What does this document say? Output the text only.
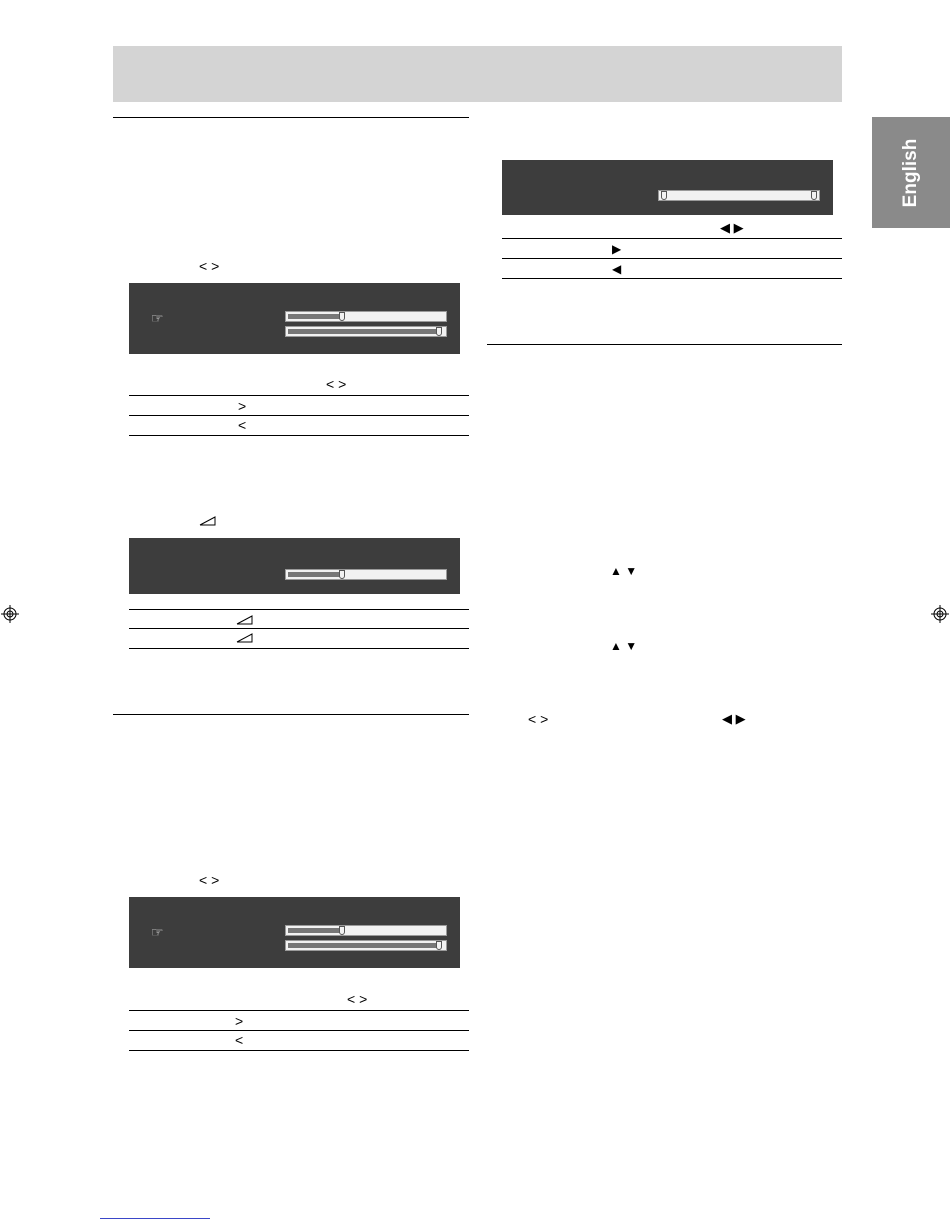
English
< >
☞
< >
>
<
< >
☞
< >
>
<
◀ ▶
▶
◀
▲ ▼
▲ ▼
< >	◀ ▶
